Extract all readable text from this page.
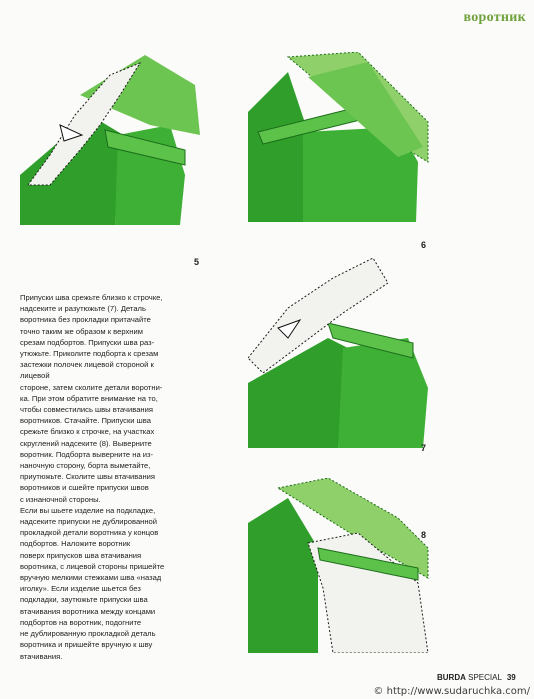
воротник
5
6
7
8
Припуски шва срежьте близко к строчке,
надсеките и разутюжьте (7). Деталь
воротника без прокладки притачайте
точно таким же образом к верхним
срезам подбортов. Припуски шва раз-
утюжьте. Приколите подборта к срезам
застежки полочек лицевой стороной к лицевой
стороне, затем сколите детали воротни-
ка. При этом обратите внимание на то,
чтобы совместились швы втачивания
воротников. Стачайте. Припуски шва
срежьте близко к строчке, на участках
скруглений надсеките (8). Выверните
воротник. Подборта выверните на из-
наночную сторону, борта выметайте,
приутюжьте. Сколите швы втачивания
воротников и сшейте припуски швов
с изнаночной стороны.
Если вы шьете изделие на подкладке,
надсеките припуски не дублированной
прокладкой детали воротника у концов
подбортов. Наложите воротник
поверх припусков шва втачивания
воротника, с лицевой стороны пришейте
вручную мелкими стежками шва «назад
иголку». Если изделие шьется без
подкладки, заутюжьте припуски шва
втачивания воротника между концами
подбортов на воротник, подогните
не дублированную прокладкой деталь
воротника и пришейте вручную к шву
втачивания.
BURDA SPECIAL 39
© http://www.sudaruchka.com/
